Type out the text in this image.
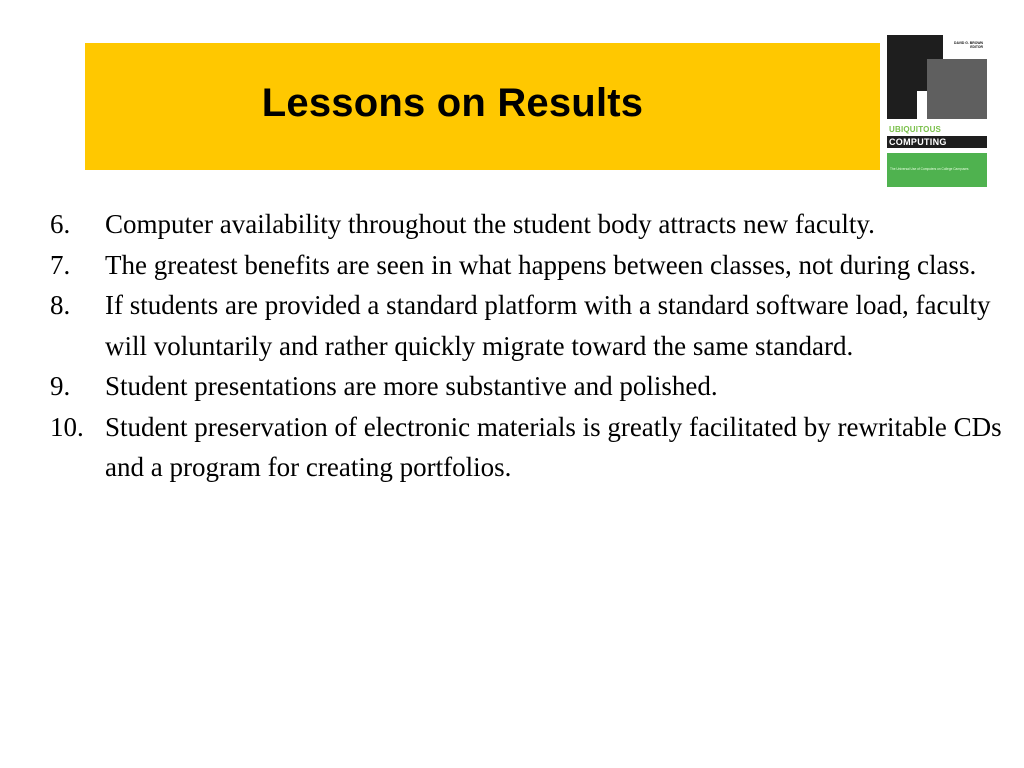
Lessons on Results
DAVID G. BROWN EDITOR
UBIQUITOUS
COMPUTING
The Universal Use of Computers on College Campuses
6. Computer availability throughout the student body attracts new faculty.
7. The greatest benefits are seen in what happens between classes, not during class.
8. If students are provided a standard platform with a standard software load, faculty will voluntarily and rather quickly migrate toward the same standard.
9. Student presentations are more substantive and polished.
10. Student preservation of electronic materials is greatly facilitated by rewritable CDs and a program for creating portfolios.
